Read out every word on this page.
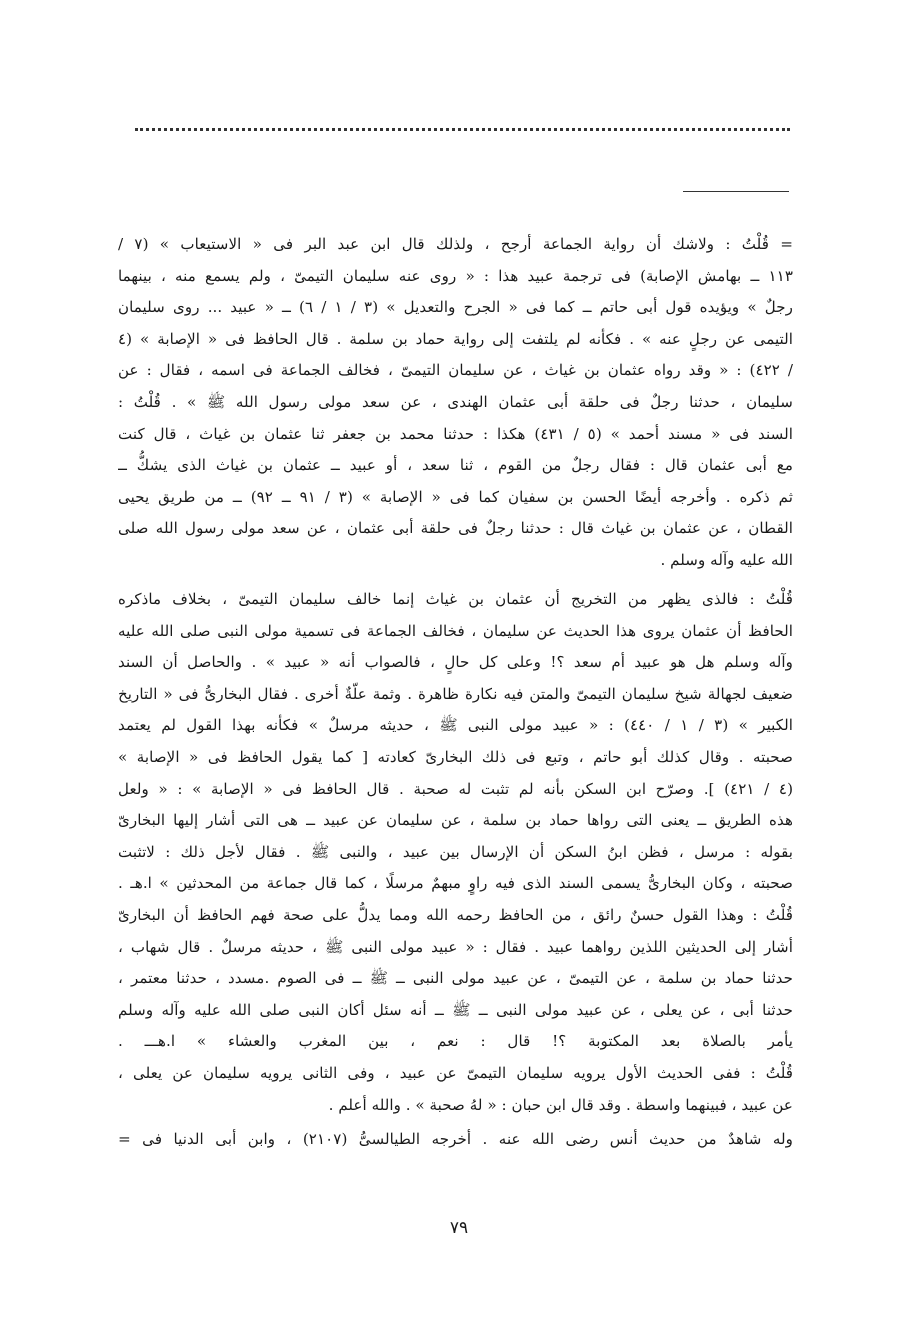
= قُلْتُ : ولاشك أن رواية الجماعة أرجح ، ولذلك قال ابن عبد البر فى « الاستيعاب » (٧ /
١١٣ ــ بهامش الإصابة) فى ترجمة عبيد هذا : « روى عنه سليمان التيمىّ ، ولم يسمع منه ، بينهما
رجلٌ » ويؤيده قول أبى حاتم ــ كما فى « الجرح والتعديل » (٣ / ١ / ٦) ــ « عبيد ... روى سليمان
التيمى عن رجلٍ عنه » . فكأنه لم يلتفت إلى رواية حماد بن سلمة . قال الحافظ فى « الإصابة » (٤
/ ٤٢٢) : « وقد رواه عثمان بن غياث ، عن سليمان التيمىّ ، فخالف الجماعة فى اسمه ، فقال : عن
سليمان ، حدثنا رجلٌ فى حلقة أبى عثمان الهندى ، عن سعد مولى رسول الله ﷺ » . قُلْتُ :
السند فى « مسند أحمد » (٥ / ٤٣١) هكذا : حدثنا محمد بن جعفر ثنا عثمان بن غياث ، قال كنت
مع أبى عثمان قال : فقال رجلٌ من القوم ، ثنا سعد ، أو عبيد ــ عثمان بن غياث الذى يشكُّ ــ
ثم ذكره . وأخرجه أيضًا الحسن بن سفيان كما فى « الإصابة » (٣ / ٩١ ــ ٩٢) ــ من طريق يحيى
القطان ، عن عثمان بن غياث قال : حدثنا رجلٌ فى حلقة أبى عثمان ، عن سعد مولى رسول الله صلى
الله عليه وآله وسلم .
قُلْتُ : فالذى يظهر من التخريج أن عثمان بن غياث إنما خالف سليمان التيمىّ ، بخلاف ماذكره
الحافظ أن عثمان يروى هذا الحديث عن سليمان ، فخالف الجماعة فى تسمية مولى النبى صلى الله عليه
وآله وسلم هل هو عبيد أم سعد ؟! وعلى كل حالٍ ، فالصواب أنه « عبيد » . والحاصل أن السند
ضعيف لجهالة شيخ سليمان التيمىّ والمتن فيه نكارة ظاهرة . وثمة علّةٌ أخرى . فقال البخارىُّ فى « التاريخ
الكبير » (٣ / ١ / ٤٤٠) : « عبيد مولى النبى ﷺ ، حديثه مرسلٌ » فكأنه بهذا القول لم يعتمد
صحبته . وقال كذلك أبو حاتم ، وتبع فى ذلك البخارىّ كعادته [ كما يقول الحافظ فى « الإصابة »
(٤ / ٤٢١) ]. وصرّح ابن السكن بأنه لم تثبت له صحبة . قال الحافظ فى « الإصابة » : « ولعل
هذه الطريق ــ يعنى التى رواها حماد بن سلمة ، عن سليمان عن عبيد ــ هى التى أشار إليها البخارىّ
بقوله : مرسل ، فظن ابنُ السكن أن الإرسال بين عبيد ، والنبى ﷺ . فقال لأجل ذلك : لاتثبت
صحبته ، وكان البخارىُّ يسمى السند الذى فيه راوٍ مبهمٌ مرسلًا ، كما قال جماعة من المحدثين » ا.هـ .
قُلْتُ : وهذا القول حسنٌ رائق ، من الحافظ رحمه الله ومما يدلُّ على صحة فهم الحافظ أن البخارىّ
أشار إلى الحديثين اللذين رواهما عبيد . فقال : « عبيد مولى النبى ﷺ ، حديثه مرسلٌ . قال شهاب ،
حدثنا حماد بن سلمة ، عن التيمىّ ، عن عبيد مولى النبى ــ ﷺ ــ فى الصوم .مسدد ، حدثنا معتمر ،
حدثنا أبى ، عن يعلى ، عن عبيد مولى النبى ــ ﷺ ــ أنه سئل أكان النبى صلى الله عليه وآله وسلم
يأمر بالصلاة بعد المكتوبة ؟! قال : نعم ، بين المغرب والعشاء » ا.هـــ .
قُلْتُ : ففى الحديث الأول يرويه سليمان التيمىّ عن عبيد ، وفى الثانى يرويه سليمان عن يعلى ،
عن عبيد ، فبينهما واسطة . وقد قال ابن حبان : « لهُ صحبة » . والله أعلم .
وله شاهدٌ من حديث أنس رضى الله عنه . أخرجه الطيالسىُّ (٢١٠٧) ، وابن أبى الدنيا فى =
٧٩
